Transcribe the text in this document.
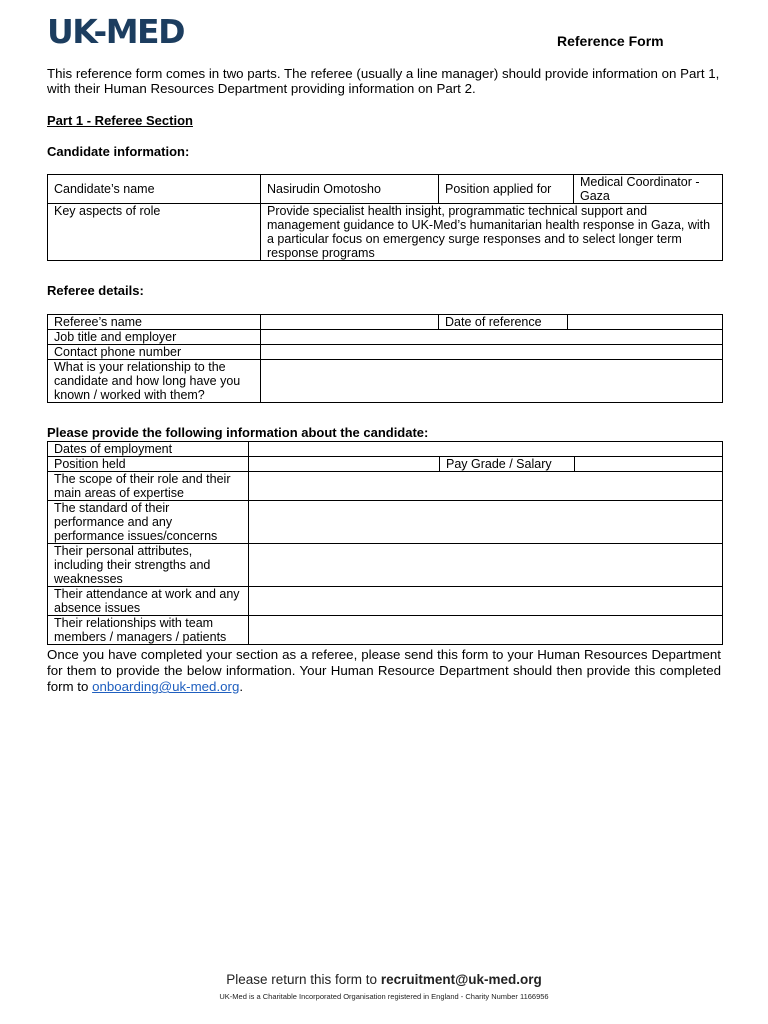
UK-MED	Reference Form
This reference form comes in two parts. The referee (usually a line manager) should provide information on Part 1, with their Human Resources Department providing information on Part 2.
Part 1 - Referee Section
Candidate information:
Candidate’s name	Nasirudin Omotosho	Position applied for	Medical Coordinator - Gaza
Key aspects of role	Provide specialist health insight, programmatic technical support and management guidance to UK-Med’s humanitarian health response in Gaza, with a particular focus on emergency surge responses and to select longer term response programs		
Referee details:
Referee’s name		Date of reference	
Job title and employer			
Contact phone number			
What is your relationship to the candidate and how long have you known / worked with them?			
Please provide the following information about the candidate:
Dates of employment			
Position held		Pay Grade / Salary	
The scope of their role and their main areas of expertise			
The standard of their performance and any performance issues/concerns			
Their personal attributes, including their strengths and weaknesses			
Their attendance at work and any absence issues			
Their relationships with team members / managers / patients			
Once you have completed your section as a referee, please send this form to your Human Resources Department for them to provide the below information. Your Human Resource Department should then provide this completed form to onboarding@uk-med.org.
Please return this form to recruitment@uk-med.org
UK-Med is a Charitable Incorporated Organisation registered in England - Charity Number 1166956
